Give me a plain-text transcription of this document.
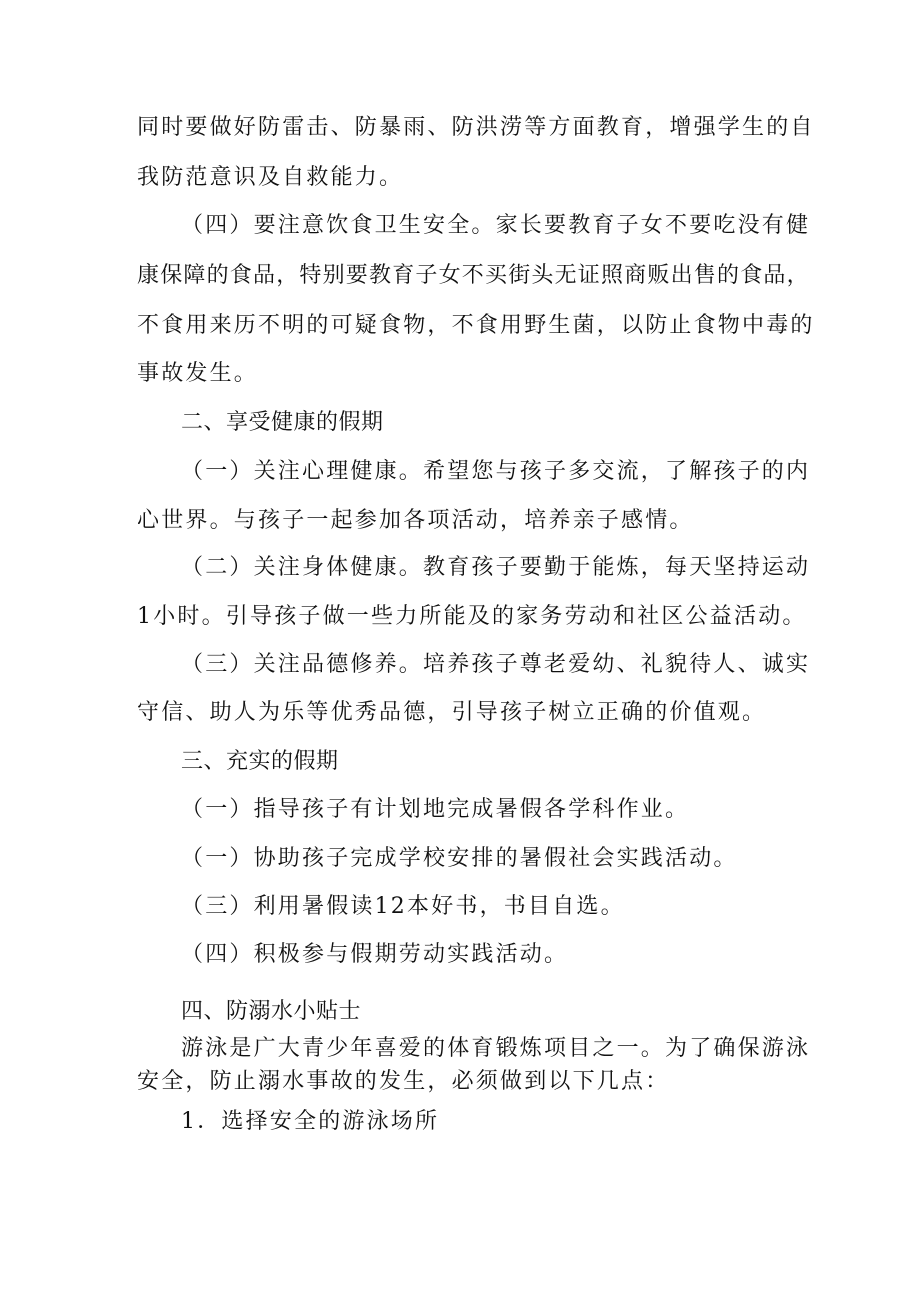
同时要做好防雷击、防暴雨、防洪涝等方面教育，增强学生的自
我防范意识及自救能力。
（四）要注意饮食卫生安全。家长要教育子女不要吃没有健
康保障的食品，特别要教育子女不买街头无证照商贩出售的食品，
不食用来历不明的可疑食物，不食用野生菌，以防止食物中毒的
事故发生。
二、享受健康的假期
（一）关注心理健康。希望您与孩子多交流，了解孩子的内
心世界。与孩子一起参加各项活动，培养亲子感情。
（二）关注身体健康。教育孩子要勤于能炼，每天坚持运动
1小时。引导孩子做一些力所能及的家务劳动和社区公益活动。
（三）关注品德修养。培养孩子尊老爱幼、礼貌待人、诚实
守信、助人为乐等优秀品德，引导孩子树立正确的价值观。
三、充实的假期
（一）指导孩子有计划地完成暑假各学科作业。
（一）协助孩子完成学校安排的暑假社会实践活动。
（三）利用暑假读12本好书，书目自选。
（四）积极参与假期劳动实践活动。
四、防溺水小贴士
游泳是广大青少年喜爱的体育锻炼项目之一。为了确保游泳
安全，防止溺水事故的发生，必须做到以下几点：
1．选择安全的游泳场所
